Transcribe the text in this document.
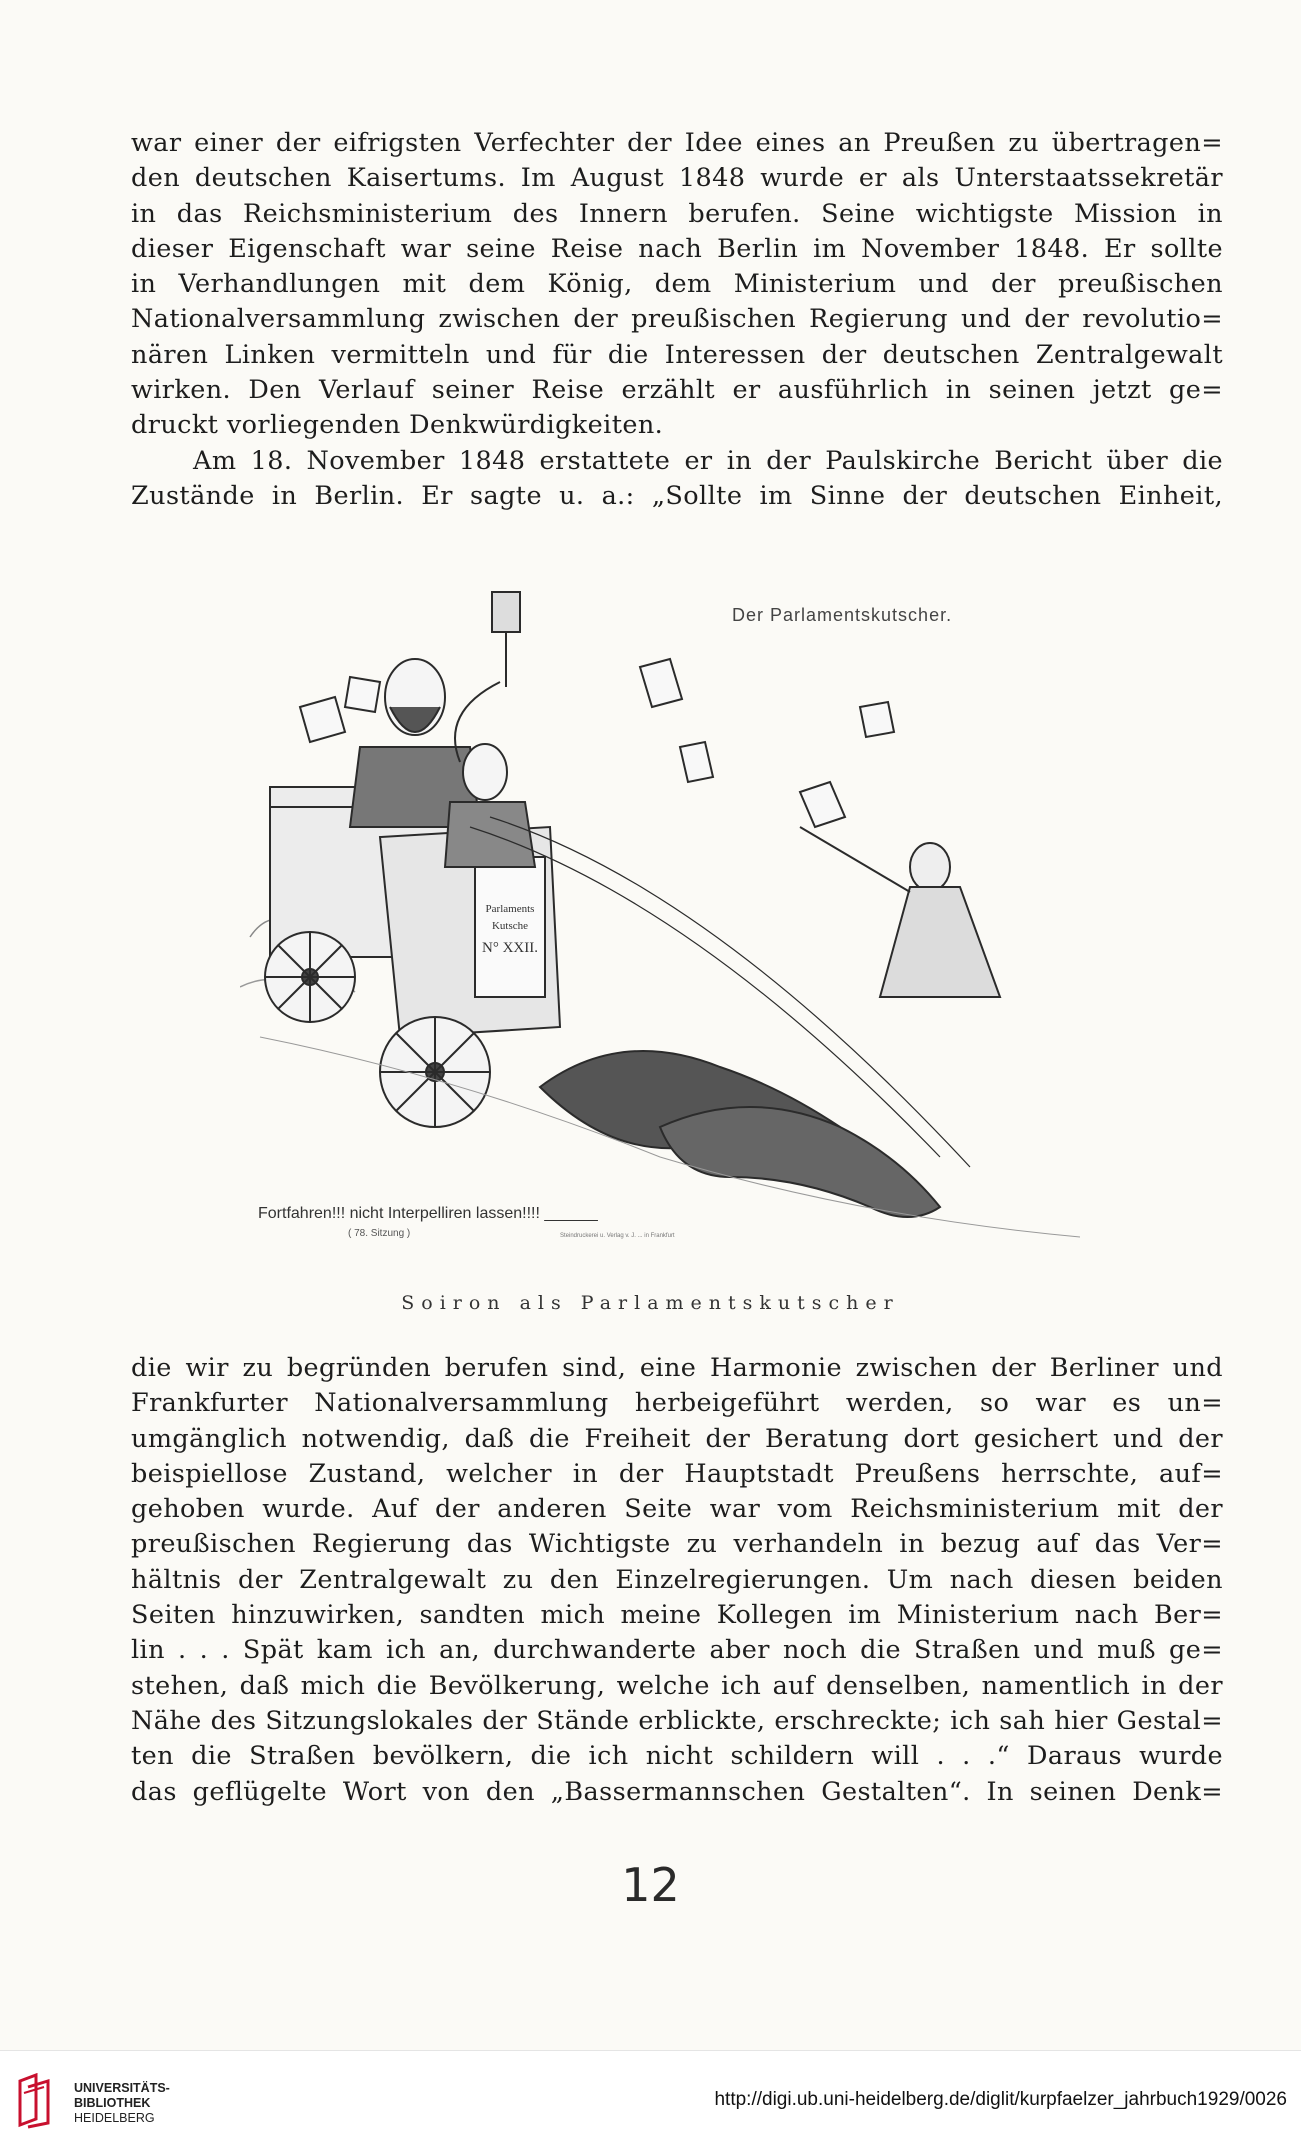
war einer der eifrigsten Verfechter der Idee eines an Preußen zu übertragen=
den deutschen Kaisertums. Im August 1848 wurde er als Unterstaatssekretär
in das Reichsministerium des Innern berufen. Seine wichtigste Mission in
dieser Eigenschaft war seine Reise nach Berlin im November 1848. Er sollte
in Verhandlungen mit dem König, dem Ministerium und der preußischen
Nationalversammlung zwischen der preußischen Regierung und der revolutio=
nären Linken vermitteln und für die Interessen der deutschen Zentralgewalt
wirken. Den Verlauf seiner Reise erzählt er ausführlich in seinen jetzt ge=
druckt vorliegenden Denkwürdigkeiten.
Am 18. November 1848 erstattete er in der Paulskirche Bericht über die
Zustände in Berlin. Er sagte u. a.: „Sollte im Sinne der deutschen Einheit,
Parlaments
Kutsche
N° XXII.
Der Parlamentskutscher.
Fortfahren!!! nicht Interpelliren lassen!!!! ______
( 78. Sitzung )	Steindruckerei u. Verlag v. J. ... in Frankfurt
Soiron als Parlamentskutscher
die wir zu begründen berufen sind, eine Harmonie zwischen der Berliner und
Frankfurter Nationalversammlung herbeigeführt werden, so war es un=
umgänglich notwendig, daß die Freiheit der Beratung dort gesichert und der
beispiellose Zustand, welcher in der Hauptstadt Preußens herrschte, auf=
gehoben wurde. Auf der anderen Seite war vom Reichsministerium mit der
preußischen Regierung das Wichtigste zu verhandeln in bezug auf das Ver=
hältnis der Zentralgewalt zu den Einzelregierungen. Um nach diesen beiden
Seiten hinzuwirken, sandten mich meine Kollegen im Ministerium nach Ber=
lin . . . Spät kam ich an, durchwanderte aber noch die Straßen und muß ge=
stehen, daß mich die Bevölkerung, welche ich auf denselben, namentlich in der
Nähe des Sitzungslokales der Stände erblickte, erschreckte; ich sah hier Gestal=
ten die Straßen bevölkern, die ich nicht schildern will . . .“ Daraus wurde
das geflügelte Wort von den „Bassermannschen Gestalten“. In seinen Denk=
12
UNIVERSITÄTS-
BIBLIOTHEK
HEIDELBERG
http://digi.ub.uni-heidelberg.de/diglit/kurpfaelzer_jahrbuch1929/0026
